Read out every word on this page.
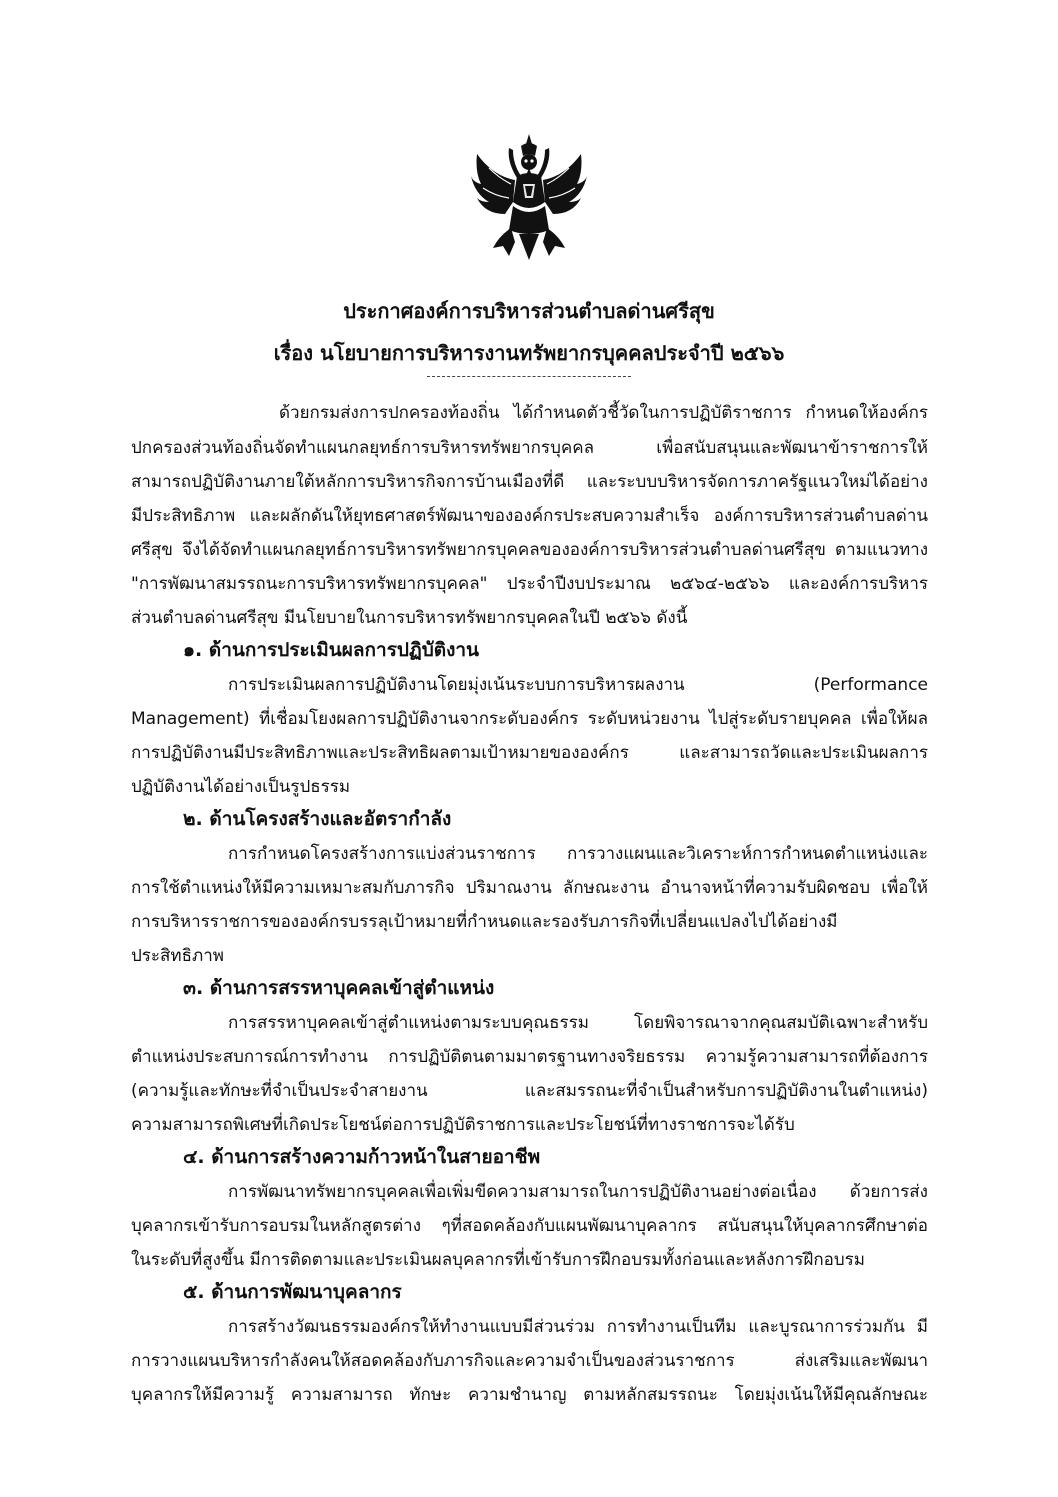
ประกาศองค์การบริหารส่วนตำบลด่านศรีสุข
เรื่อง นโยบายการบริหารงานทรัพยากรบุคคลประจำปี ๒๕๖๖
ด้วยกรมส่งการปกครองท้องถิ่น ได้กำหนดตัวชี้วัดในการปฏิบัติราชการ กำหนดให้องค์กร
ปกครองส่วนท้องถิ่นจัดทำแผนกลยุทธ์การบริหารทรัพยากรบุคคล เพื่อสนับสนุนและพัฒนาข้าราชการให้
สามารถปฏิบัติงานภายใต้หลักการบริหารกิจการบ้านเมืองที่ดี และระบบบริหารจัดการภาครัฐแนวใหม่ได้อย่าง
มีประสิทธิภาพ และผลักดันให้ยุทธศาสตร์พัฒนาขององค์กรประสบความสำเร็จ องค์การบริหารส่วนตำบลด่าน
ศรีสุข จึงได้จัดทำแผนกลยุทธ์การบริหารทรัพยากรบุคคลขององค์การบริหารส่วนตำบลด่านศรีสุข ตามแนวทาง
"การพัฒนาสมรรถนะการบริหารทรัพยากรบุคคล" ประจำปีงบประมาณ ๒๕๖๔-๒๕๖๖ และองค์การบริหาร
ส่วนตำบลด่านศรีสุข มีนโยบายในการบริหารทรัพยากรบุคคลในปี ๒๕๖๖ ดังนี้
๑. ด้านการประเมินผลการปฏิบัติงาน
การประเมินผลการปฏิบัติงานโดยมุ่งเน้นระบบการบริหารผลงาน (Performance
Management) ที่เชื่อมโยงผลการปฏิบัติงานจากระดับองค์กร ระดับหน่วยงาน ไปสู่ระดับรายบุคคล เพื่อให้ผล
การปฏิบัติงานมีประสิทธิภาพและประสิทธิผลตามเป้าหมายขององค์กร และสามารถวัดและประเมินผลการ
ปฏิบัติงานได้อย่างเป็นรูปธรรม
๒. ด้านโครงสร้างและอัตรากำลัง
การกำหนดโครงสร้างการแบ่งส่วนราชการ การวางแผนและวิเคราะห์การกำหนดตำแหน่งและ
การใช้ตำแหน่งให้มีความเหมาะสมกับภารกิจ ปริมาณงาน ลักษณะงาน อำนาจหน้าที่ความรับผิดชอบ เพื่อให้
การบริหารราชการขององค์กรบรรลุเป้าหมายที่กำหนดและรองรับภารกิจที่เปลี่ยนแปลงไปได้อย่างมี
ประสิทธิภาพ
๓. ด้านการสรรหาบุคคลเข้าสู่ตำแหน่ง
การสรรหาบุคคลเข้าสู่ตำแหน่งตามระบบคุณธรรม โดยพิจารณาจากคุณสมบัติเฉพาะสำหรับ
ตำแหน่งประสบการณ์การทำงาน การปฏิบัติตนตามมาตรฐานทางจริยธรรม ความรู้ความสามารถที่ต้องการ
(ความรู้และทักษะที่จำเป็นประจำสายงาน และสมรรถนะที่จำเป็นสำหรับการปฏิบัติงานในตำแหน่ง)
ความสามารถพิเศษที่เกิดประโยชน์ต่อการปฏิบัติราชการและประโยชน์ที่ทางราชการจะได้รับ
๔. ด้านการสร้างความก้าวหน้าในสายอาชีพ
การพัฒนาทรัพยากรบุคคลเพื่อเพิ่มขีดความสามารถในการปฏิบัติงานอย่างต่อเนื่อง ด้วยการส่ง
บุคลากรเข้ารับการอบรมในหลักสูตรต่าง ๆที่สอดคล้องกับแผนพัฒนาบุคลากร สนับสนุนให้บุคลากรศึกษาต่อ
ในระดับที่สูงขึ้น มีการติดตามและประเมินผลบุคลากรที่เข้ารับการฝึกอบรมทั้งก่อนและหลังการฝึกอบรม
๕. ด้านการพัฒนาบุคลากร
การสร้างวัฒนธรรมองค์กรให้ทำงานแบบมีส่วนร่วม การทำงานเป็นทีม และบูรณาการร่วมกัน มี
การวางแผนบริหารกำลังคนให้สอดคล้องกับภารกิจและความจำเป็นของส่วนราชการ ส่งเสริมและพัฒนา
บุคลากรให้มีความรู้ ความสามารถ ทักษะ ความชำนาญ ตามหลักสมรรถนะ โดยมุ่งเน้นให้มีคุณลักษณะ
